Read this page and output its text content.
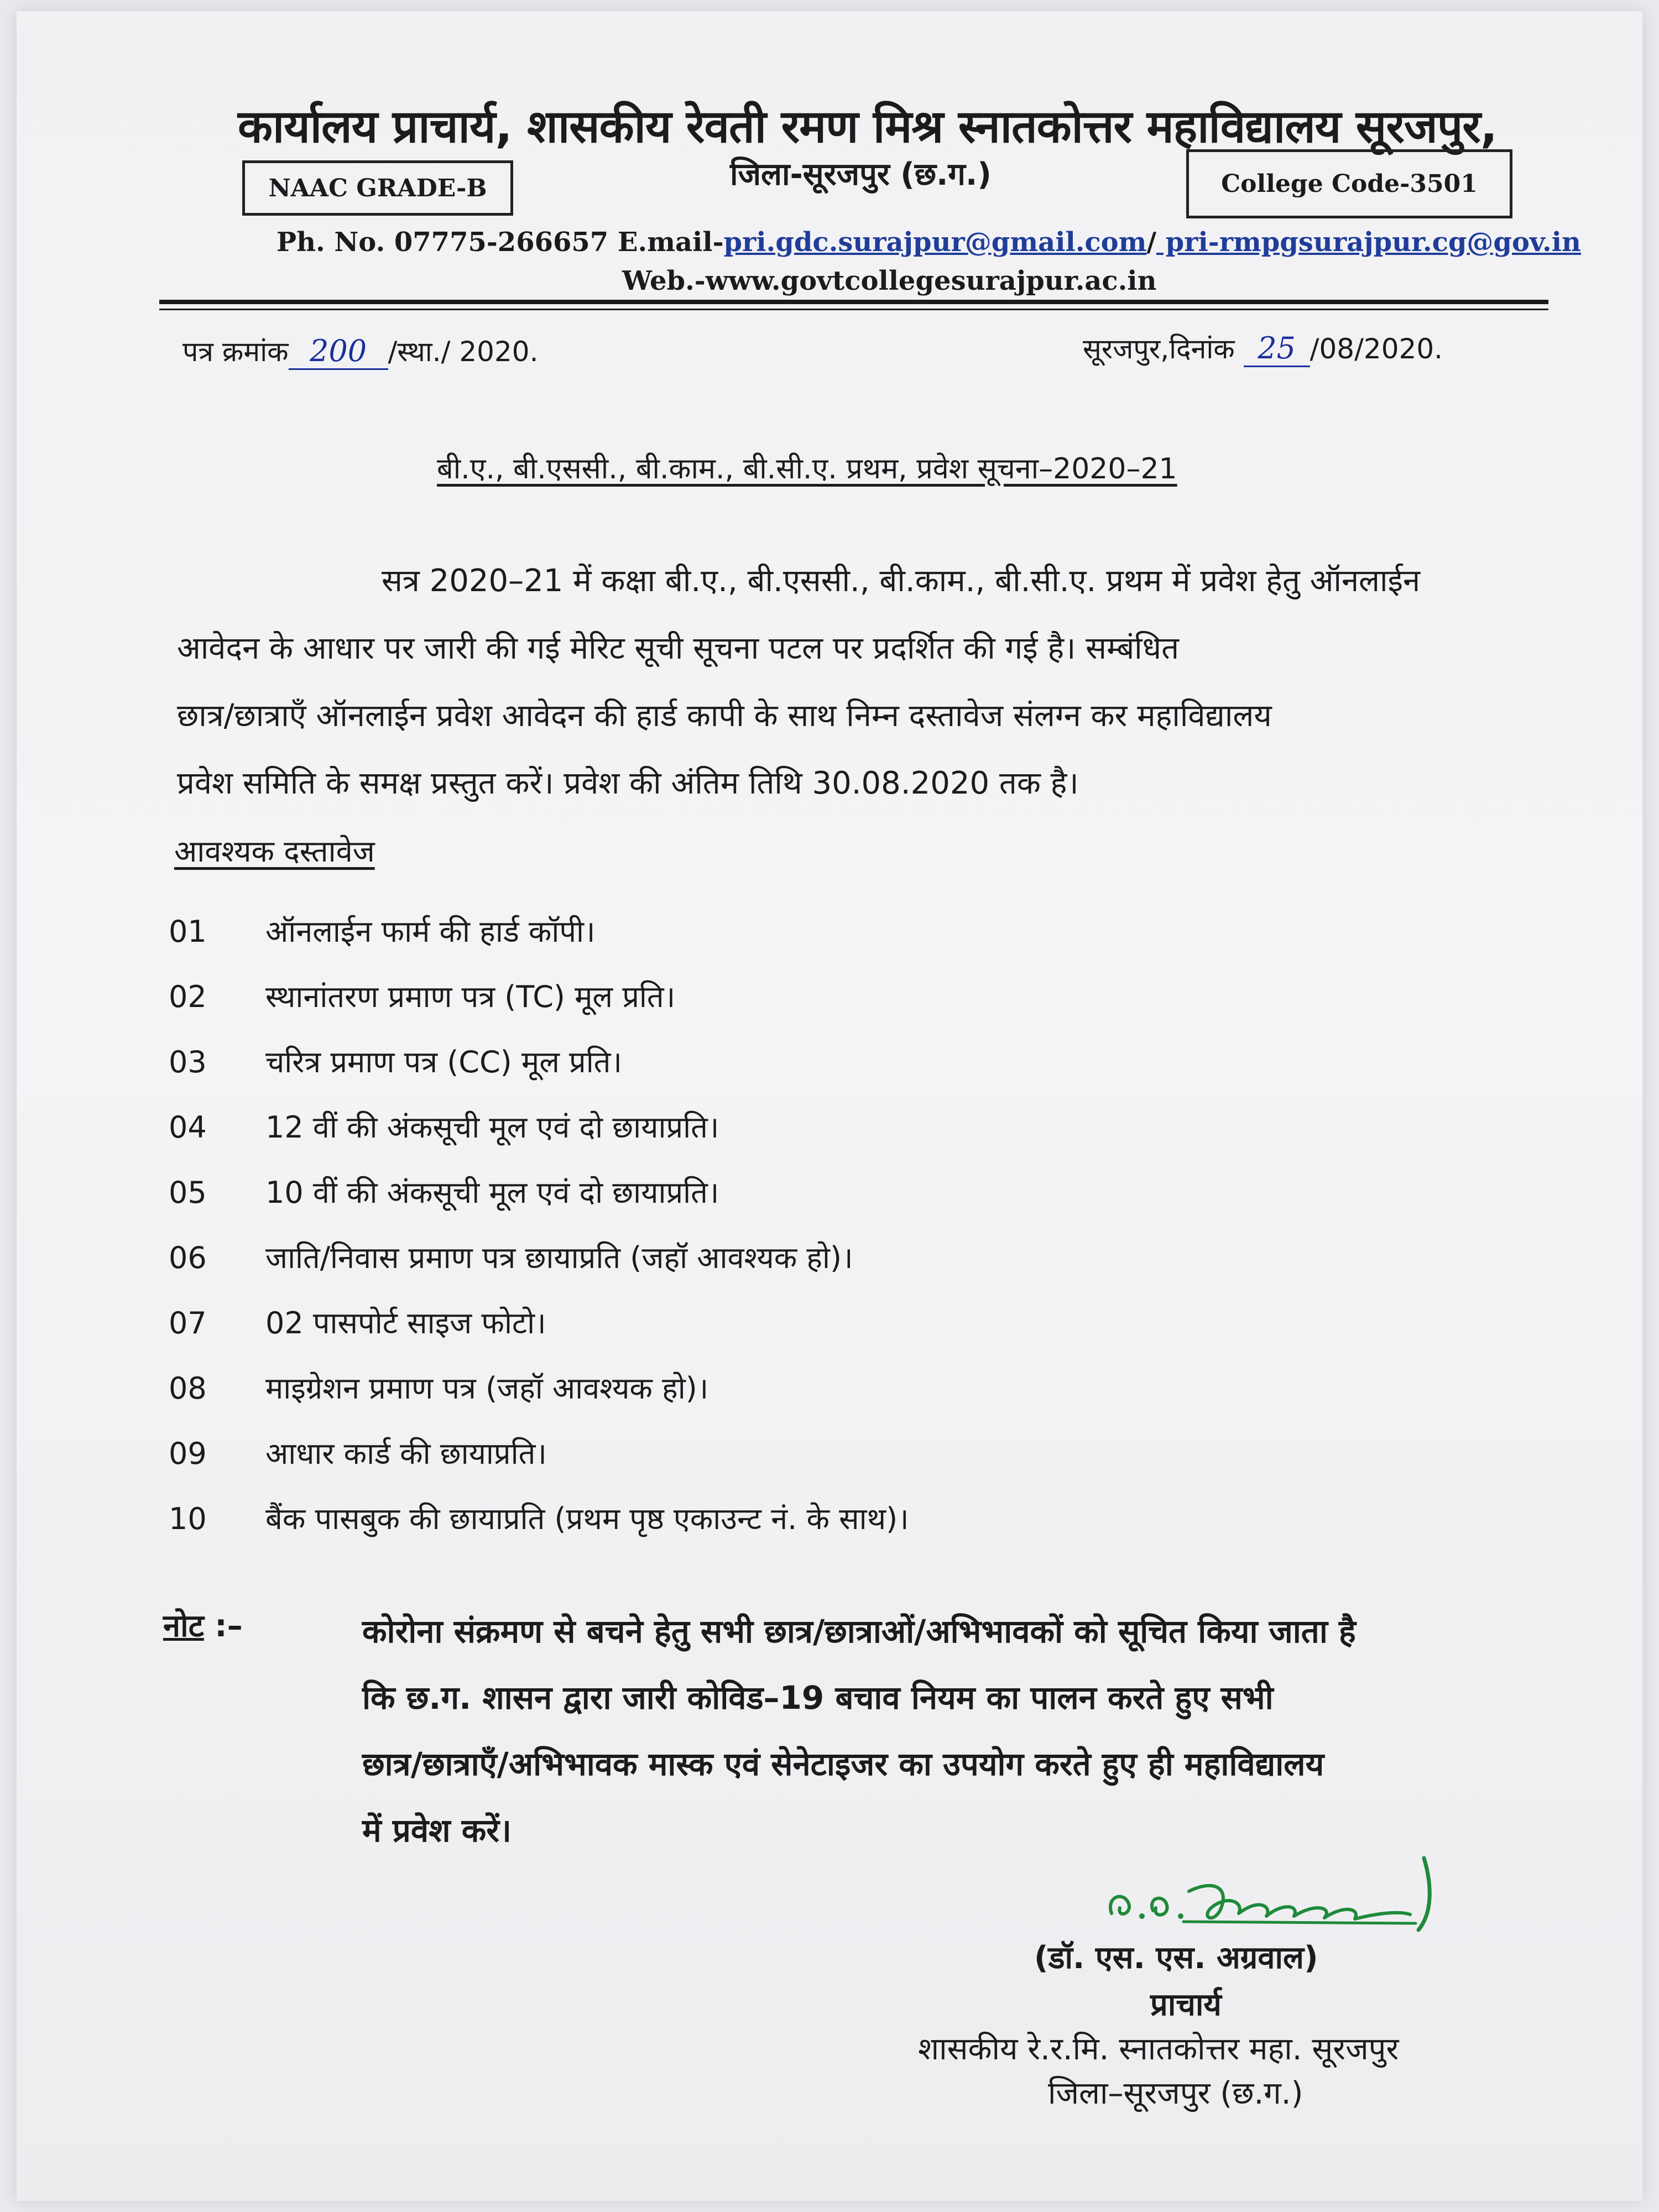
कार्यालय प्राचार्य, शासकीय रेवती रमण मिश्र स्नातकोत्तर महाविद्यालय सूरजपुर,
NAAC GRADE-B	जिला-सूरजपुर (छ.ग.)	College Code-3501
Ph. No. 07775-266657 E.mail-pri.gdc.surajpur@gmail.com/ pri-rmpgsurajpur.cg@gov.in
Web.-www.govtcollegesurajpur.ac.in
पत्र क्रमांक 200 /स्था./ 2020.	सूरजपुर,दिनांक 25 /08/2020.
बी.ए., बी.एससी., बी.काम., बी.सी.ए. प्रथम, प्रवेश सूचना–2020–21
सत्र 2020–21 में कक्षा बी.ए., बी.एससी., बी.काम., बी.सी.ए. प्रथम में प्रवेश हेतु ऑनलाईन
आवेदन के आधार पर जारी की गई मेरिट सूची सूचना पटल पर प्रदर्शित की गई है। सम्बंधित
छात्र/छात्राएँ ऑनलाईन प्रवेश आवेदन की हार्ड कापी के साथ निम्न दस्तावेज संलग्न कर महाविद्यालय
प्रवेश समिति के समक्ष प्रस्तुत करें। प्रवेश की अंतिम तिथि 30.08.2020 तक है।
आवश्यक दस्तावेज
01 ऑनलाईन फार्म की हार्ड कॉपी।
02 स्थानांतरण प्रमाण पत्र (TC) मूल प्रति।
03 चरित्र प्रमाण पत्र (CC) मूल प्रति।
04 12 वीं की अंकसूची मूल एवं दो छायाप्रति।
05 10 वीं की अंकसूची मूल एवं दो छायाप्रति।
06 जाति/निवास प्रमाण पत्र छायाप्रति (जहॉ आवश्यक हो)।
07 02 पासपोर्ट साइज फोटो।
08 माइग्रेशन प्रमाण पत्र (जहॉ आवश्यक हो)।
09 आधार कार्ड की छायाप्रति।
10 बैंक पासबुक की छायाप्रति (प्रथम पृष्ठ एकाउन्ट नं. के साथ)।
नोट :–	कोरोना संक्रमण से बचने हेतु सभी छात्र/छात्राओं/अभिभावकों को सूचित किया जाता है
कि छ.ग. शासन द्वारा जारी कोविड–19 बचाव नियम का पालन करते हुए सभी
छात्र/छात्राऍं/अभिभावक मास्क एवं सेनेटाइजर का उपयोग करते हुए ही महाविद्यालय
में प्रवेश करें।
(डॉ. एस. एस. अग्रवाल)
प्राचार्य
शासकीय रे.र.मि. स्नातकोत्तर महा. सूरजपुर
जिला–सूरजपुर (छ.ग.)
